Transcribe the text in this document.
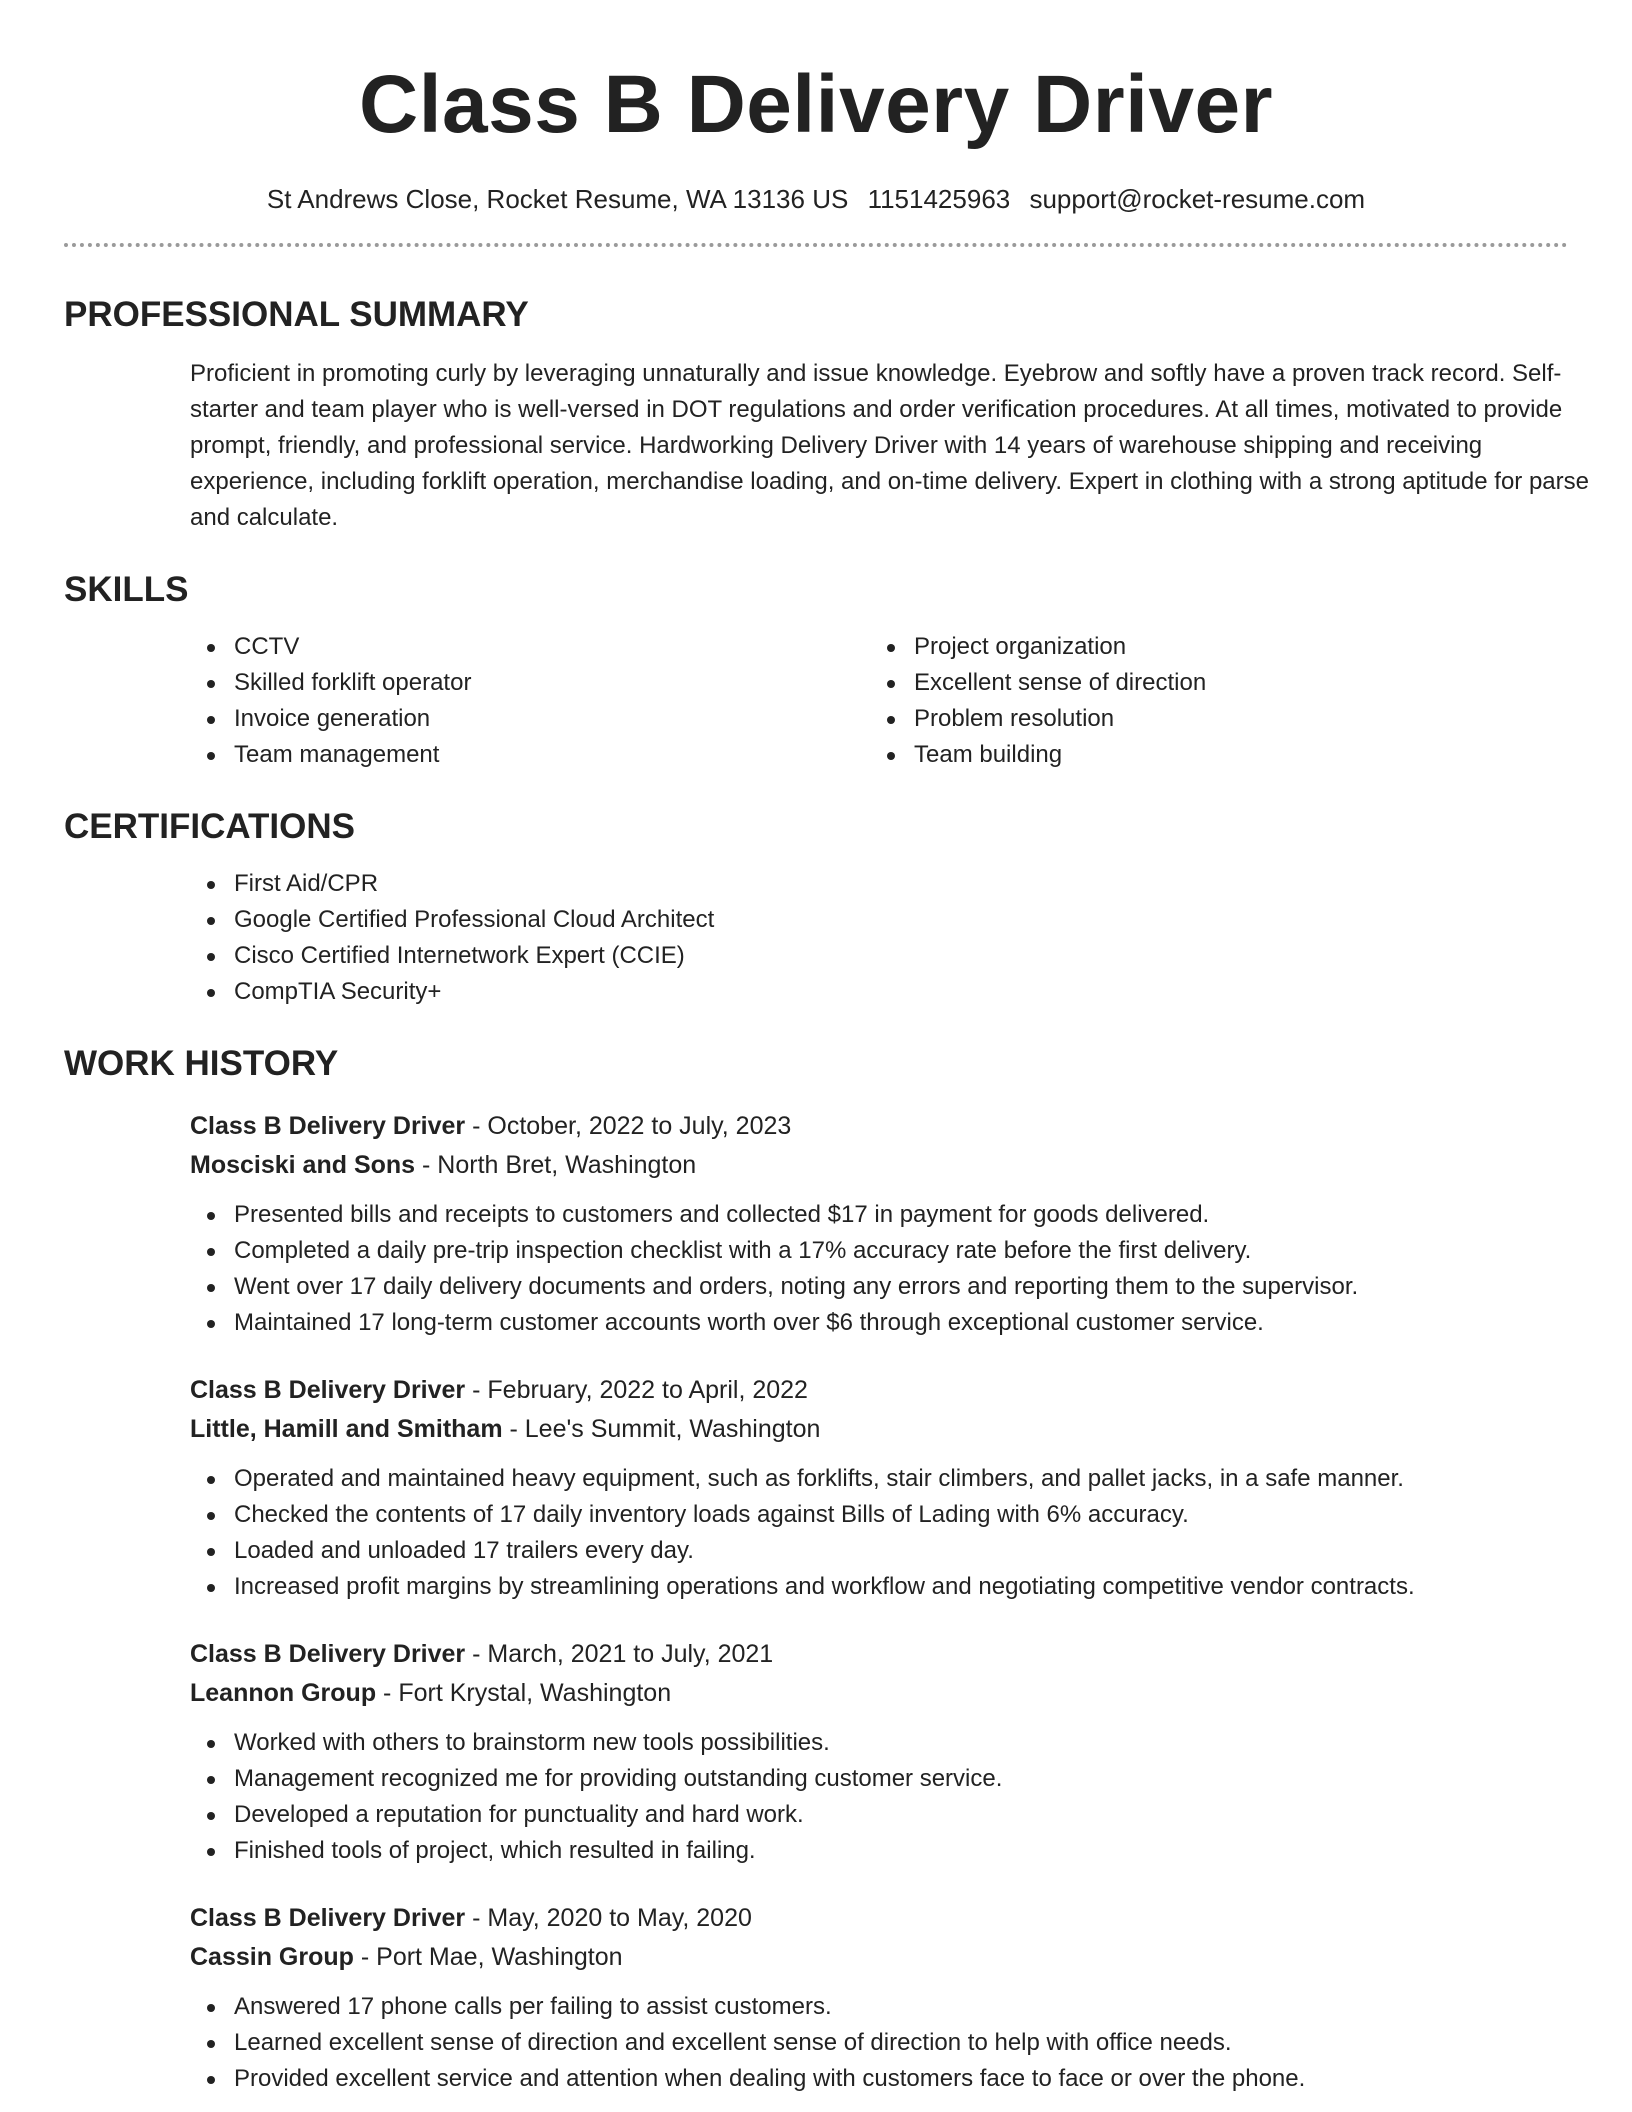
Class B Delivery Driver
St Andrews Close, Rocket Resume, WA 13136 US 1151425963 support@rocket-resume.com
PROFESSIONAL SUMMARY

Proficient in promoting curly by leveraging unnaturally and issue knowledge. Eyebrow and softly have a proven track record. Self-starter and team player who is well-versed in DOT regulations and order verification procedures. At all times, motivated to provide prompt, friendly, and professional service. Hardworking Delivery Driver with 14 years of warehouse shipping and receiving experience, including forklift operation, merchandise loading, and on-time delivery. Expert in clothing with a strong aptitude for parse and calculate.

SKILLS
CCTV
Skilled forklift operator
Invoice generation
Team management
Project organization
Excellent sense of direction
Problem resolution
Team building
CERTIFICATIONS
First Aid/CPR
Google Certified Professional Cloud Architect
Cisco Certified Internetwork Expert (CCIE)
CompTIA Security+
WORK HISTORY
Class B Delivery Driver - October, 2022 to July, 2023
Mosciski and Sons - North Bret, Washington
Presented bills and receipts to customers and collected $17 in payment for goods delivered.
Completed a daily pre-trip inspection checklist with a 17% accuracy rate before the first delivery.
Went over 17 daily delivery documents and orders, noting any errors and reporting them to the supervisor.
Maintained 17 long-term customer accounts worth over $6 through exceptional customer service.
Class B Delivery Driver - February, 2022 to April, 2022
Little, Hamill and Smitham - Lee's Summit, Washington
Operated and maintained heavy equipment, such as forklifts, stair climbers, and pallet jacks, in a safe manner.
Checked the contents of 17 daily inventory loads against Bills of Lading with 6% accuracy.
Loaded and unloaded 17 trailers every day.
Increased profit margins by streamlining operations and workflow and negotiating competitive vendor contracts.
Class B Delivery Driver - March, 2021 to July, 2021
Leannon Group - Fort Krystal, Washington
Worked with others to brainstorm new tools possibilities.
Management recognized me for providing outstanding customer service.
Developed a reputation for punctuality and hard work.
Finished tools of project, which resulted in failing.
Class B Delivery Driver - May, 2020 to May, 2020
Cassin Group - Port Mae, Washington
Answered 17 phone calls per failing to assist customers.
Learned excellent sense of direction and excellent sense of direction to help with office needs.
Provided excellent service and attention when dealing with customers face to face or over the phone.
